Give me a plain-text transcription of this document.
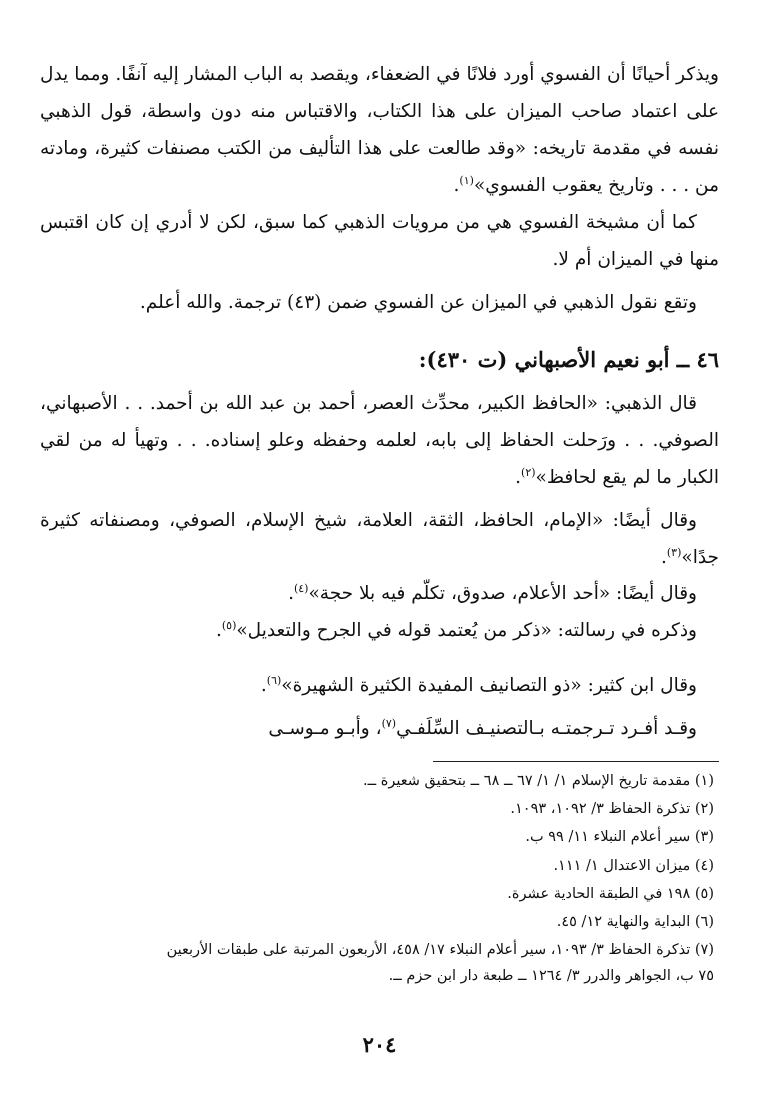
ويذكر أحيانًا أن الفسوي أورد فلانًا في الضعفاء، ويقصد به الباب المشار إليه آنفًا. ومما يدل على اعتماد صاحب الميزان على هذا الكتاب، والاقتباس منه دون واسطة، قول الذهبي نفسه في مقدمة تاريخه: «وقد طالعت على هذا التأليف من الكتب مصنفات كثيرة، ومادته من . . . وتاريخ يعقوب الفسوي»$^{(١)}$.

كما أن مشيخة الفسوي هي من مرويات الذهبي كما سبق، لكن لا أدري إن كان اقتبس منها في الميزان أم لا.

وتقع نقول الذهبي في الميزان عن الفسوي ضمن (٤٣) ترجمة. والله أعلم.

٤٦ ــ أبو نعيم الأصبهاني (ت ٤٣٠):

قال الذهبي: «الحافظ الكبير، محدِّث العصر، أحمد بن عبد الله بن أحمد. . . الأصبهاني، الصوفي. . . ورَحلت الحفاظ إلى بابه، لعلمه وحفظه وعلو إسناده. . . وتهيأ له من لقي الكبار ما لم يقع لحافظ»$^{(٢)}$.

وقال أيضًا: «الإمام، الحافظ، الثقة، العلامة، شيخ الإسلام، الصوفي، ومصنفاته كثيرة جدًا»$^{(٣)}$.

وقال أيضًا: «أحد الأعلام، صدوق، تكلّم فيه بلا حجة»$^{(٤)}$.

وذكره في رسالته: «ذكر من يُعتمد قوله في الجرح والتعديل»$^{(٥)}$.

وقال ابن كثير: «ذو التصانيف المفيدة الكثيرة الشهيرة»$^{(٦)}$.

وقـد أفـرد تـرجمتـه بـالتصنيـف السِّلَفـي$^{(٧)}$، وأبـو مـوسـى

(١) مقدمة تاريخ الإسلام ١/ ١/ ٦٧ ــ ٦٨ ــ بتحقيق شعيرة ــ.

(٢) تذكرة الحفاظ ٣/ ١٠٩٢، ١٠٩٣.

(٣) سير أعلام النبلاء ١١/ ٩٩ ب.

(٤) ميزان الاعتدال ١/ ١١١.

(٥) ١٩٨ في الطبقة الحادية عشرة.

(٦) البداية والنهاية ١٢/ ٤٥.

(٧) تذكرة الحفاظ ٣/ ١٠٩٣، سير أعلام النبلاء ١٧/ ٤٥٨، الأربعون المرتبة على طبقات الأربعين
٧٥ ب، الجواهر والدرر ٣/ ١٢٦٤ ــ طبعة دار ابن حزم ــ.
٢٠٤
